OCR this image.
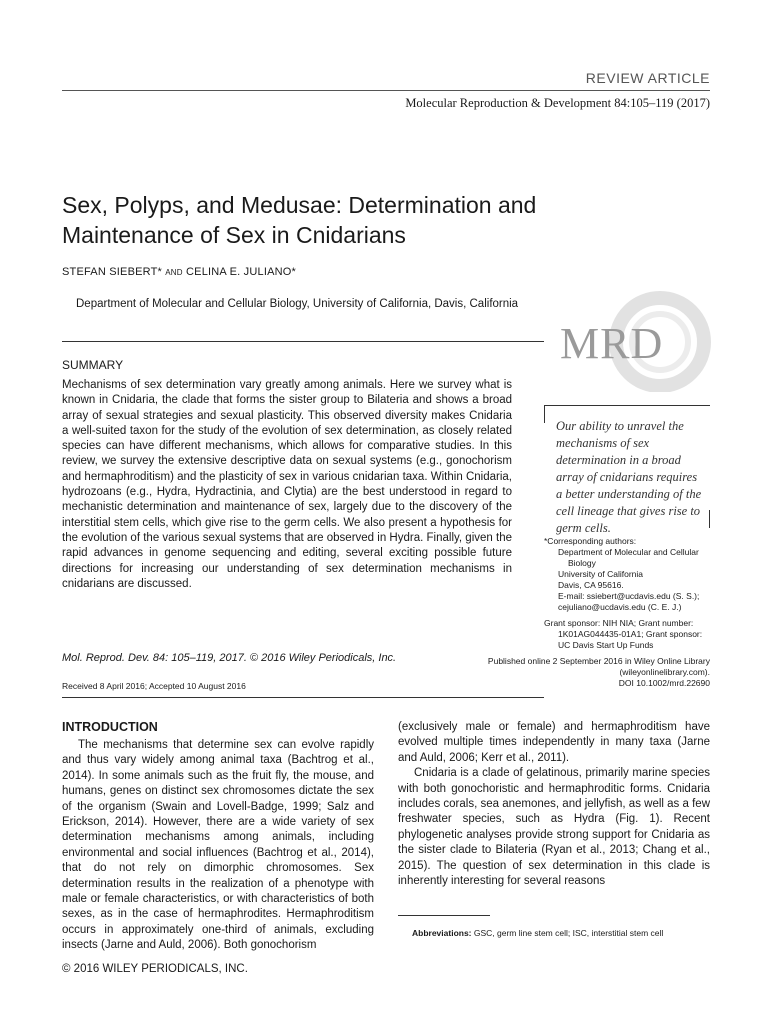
REVIEW ARTICLE
Molecular Reproduction & Development 84:105–119 (2017)
Sex, Polyps, and Medusae: Determination and Maintenance of Sex in Cnidarians
STEFAN SIEBERT* AND CELINA E. JULIANO*
Department of Molecular and Cellular Biology, University of California, Davis, California
MRD
SUMMARY
Mechanisms of sex determination vary greatly among animals. Here we survey what is known in Cnidaria, the clade that forms the sister group to Bilateria and shows a broad array of sexual strategies and sexual plasticity. This observed diversity makes Cnidaria a well-suited taxon for the study of the evolution of sex determination, as closely related species can have different mechanisms, which allows for comparative studies. In this review, we survey the extensive descriptive data on sexual systems (e.g., gonochorism and hermaphroditism) and the plasticity of sex in various cnidarian taxa. Within Cnidaria, hydrozoans (e.g., Hydra, Hydractinia, and Clytia) are the best understood in regard to mechanistic determination and maintenance of sex, largely due to the discovery of the interstitial stem cells, which give rise to the germ cells. We also present a hypothesis for the evolution of the various sexual systems that are observed in Hydra. Finally, given the rapid advances in genome sequencing and editing, several exciting possible future directions for increasing our understanding of sex determination mechanisms in cnidarians are discussed.
Our ability to unravel the mechanisms of sex determination in a broad array of cnidarians requires a better understanding of the cell lineage that gives rise to germ cells.
*Corresponding authors:
Department of Molecular and Cellular
Biology
University of California
Davis, CA 95616.
E-mail: ssiebert@ucdavis.edu (S. S.);
cejuliano@ucdavis.edu (C. E. J.)
Grant sponsor: NIH NIA; Grant number:
1K01AG044435-01A1; Grant sponsor:
UC Davis Start Up Funds
Published online 2 September 2016 in Wiley Online Library
(wileyonlinelibrary.com).
DOI 10.1002/mrd.22690
Mol. Reprod. Dev. 84: 105–119, 2017. © 2016 Wiley Periodicals, Inc.
Received 8 April 2016; Accepted 10 August 2016
INTRODUCTION

The mechanisms that determine sex can evolve rapidly and thus vary widely among animal taxa (Bachtrog et al., 2014). In some animals such as the fruit fly, the mouse, and humans, genes on distinct sex chromosomes dictate the sex of the organism (Swain and Lovell-Badge, 1999; Salz and Erickson, 2014). However, there are a wide variety of sex determination mechanisms among animals, including environmental and social influences (Bachtrog et al., 2014), that do not rely on dimorphic chromosomes. Sex determination results in the realization of a phenotype with male or female characteristics, or with characteristics of both sexes, as in the case of hermaphrodites. Hermaphroditism occurs in approximately one-third of animals, excluding insects (Jarne and Auld, 2006). Both gonochorism

(exclusively male or female) and hermaphroditism have evolved multiple times independently in many taxa (Jarne and Auld, 2006; Kerr et al., 2011).

Cnidaria is a clade of gelatinous, primarily marine species with both gonochoristic and hermaphroditic forms. Cnidaria includes corals, sea anemones, and jellyfish, as well as a few freshwater species, such as Hydra (Fig. 1). Recent phylogenetic analyses provide strong support for Cnidaria as the sister clade to Bilateria (Ryan et al., 2013; Chang et al., 2015). The question of sex determination in this clade is inherently interesting for several reasons

Abbreviations: GSC, germ line stem cell; ISC, interstitial stem cell
© 2016 WILEY PERIODICALS, INC.
